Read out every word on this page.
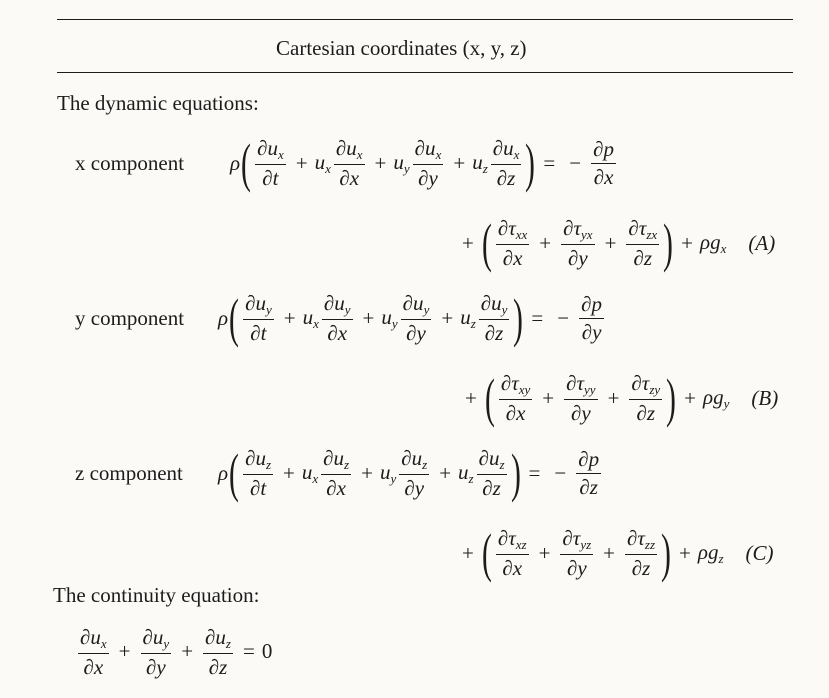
Cartesian coordinates (x, y, z)
The dynamic equations:
x component
y component
z component
The continuity equation:
ρ ( $\frac{\partial u_x}{\partial t} + u_x \frac{\partial u_x}{\partial x} + u_y \frac{\partial u_x}{\partial y} + u_z \frac{\partial u_x}{\partial z}$ ) = − $\frac{\partial p}{\partial x}$
+ ( $\frac{\partial\tau_{xx}}{\partial x} + \frac{\partial\tau_{yx}}{\partial y} + \frac{\partial\tau_{zx}}{\partial z}$ ) + $\rho g_x$ (A)
ρ ( $\frac{\partial u_y}{\partial t} + u_x \frac{\partial u_y}{\partial x} + u_y \frac{\partial u_y}{\partial y} + u_z \frac{\partial u_y}{\partial z}$ ) = − $\frac{\partial p}{\partial y}$
+ ( $\frac{\partial\tau_{xy}}{\partial x} + \frac{\partial\tau_{yy}}{\partial y} + \frac{\partial\tau_{zy}}{\partial z}$ ) + $\rho g_y$ (B)
ρ ( $\frac{\partial u_z}{\partial t} + u_x \frac{\partial u_z}{\partial x} + u_y \frac{\partial u_z}{\partial y} + u_z \frac{\partial u_z}{\partial z}$ ) = − $\frac{\partial p}{\partial z}$
+ ( $\frac{\partial\tau_{xz}}{\partial x} + \frac{\partial\tau_{yz}}{\partial y} + \frac{\partial\tau_{zz}}{\partial z}$ ) + $\rho g_z$ (C)
$\frac{\partial u_x}{\partial x} + \frac{\partial u_y}{\partial y} + \frac{\partial u_z}{\partial z} = 0$
